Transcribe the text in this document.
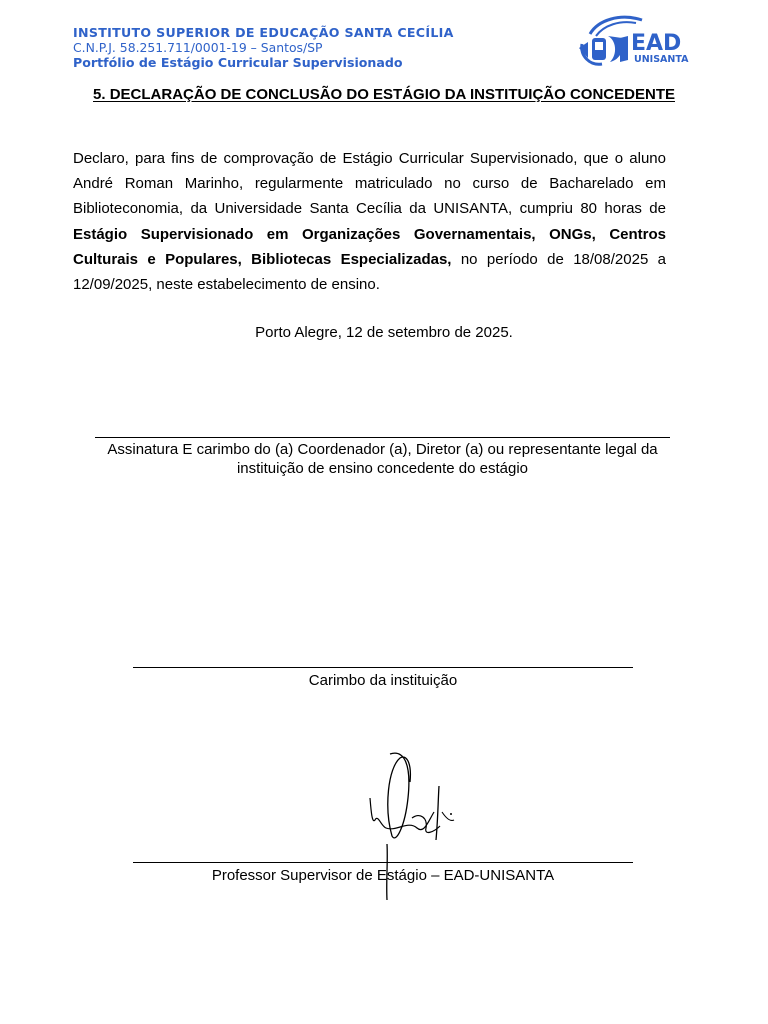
INSTITUTO SUPERIOR DE EDUCAÇÃO SANTA CECÍLIA
C.N.P.J. 58.251.711/0001-19 – Santos/SP
Portfólio de Estágio Curricular Supervisionado
EAD
UNISANTA
5. DECLARAÇÃO DE CONCLUSÃO DO ESTÁGIO DA INSTITUIÇÃO CONCEDENTE
Declaro, para fins de comprovação de Estágio Curricular Supervisionado, que o aluno André Roman Marinho, regularmente matriculado no curso de Bacharelado em Biblioteconomia, da Universidade Santa Cecília da UNISANTA, cumpriu 80 horas de Estágio Supervisionado em Organizações Governamentais, ONGs, Centros Culturais e Populares, Bibliotecas Especializadas, no período de 18/08/2025 a 12/09/2025, neste estabelecimento de ensino.
Porto Alegre, 12 de setembro de 2025.
Assinatura E carimbo do (a) Coordenador (a), Diretor (a) ou representante legal da instituição de ensino concedente do estágio
Carimbo da instituição
Professor Supervisor de Estágio – EAD-UNISANTA
